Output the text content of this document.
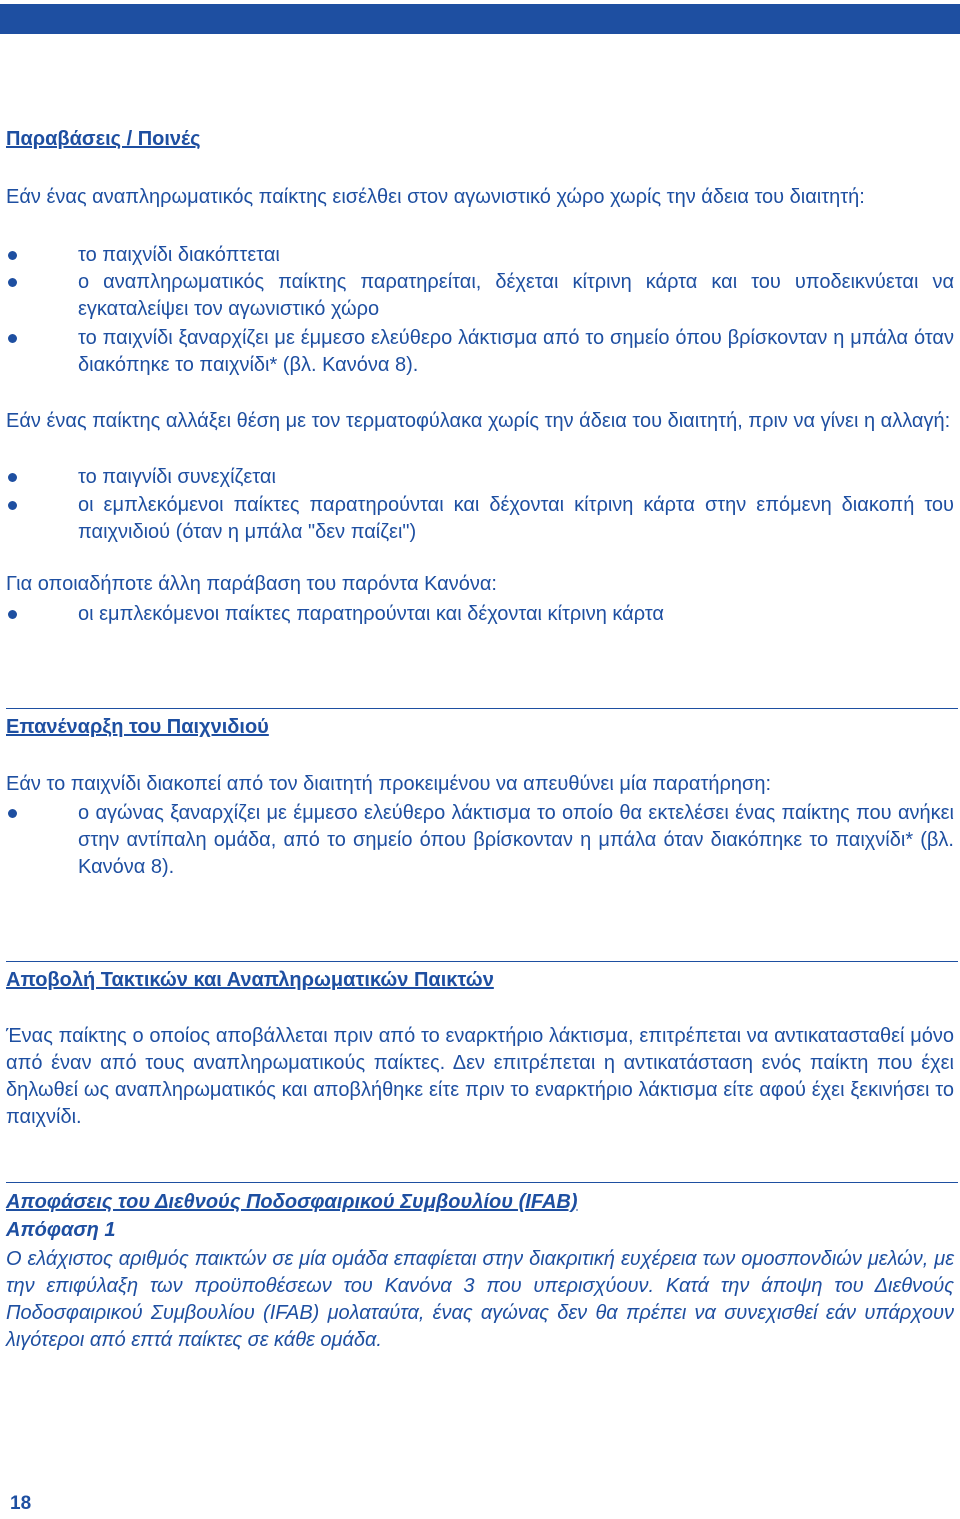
Παραβάσεις / Ποινές
Εάν ένας αναπληρωματικός παίκτης εισέλθει στον αγωνιστικό χώρο χωρίς την άδεια του διαιτητή:
το παιχνίδι διακόπτεται
ο αναπληρωματικός παίκτης παρατηρείται, δέχεται κίτρινη κάρτα και του υποδεικνύεται να εγκαταλείψει τον αγωνιστικό χώρο
το παιχνίδι ξαναρχίζει με έμμεσο ελεύθερο λάκτισμα από το σημείο όπου βρίσκονταν η μπάλα όταν διακόπηκε το παιχνίδι* (βλ. Κανόνα 8).
Εάν ένας παίκτης αλλάξει θέση με τον τερματοφύλακα χωρίς την άδεια του διαιτητή, πριν να γίνει η αλλαγή:
το παιγνίδι συνεχίζεται
οι εμπλεκόμενοι παίκτες παρατηρούνται και δέχονται κίτρινη κάρτα στην επόμενη διακοπή του παιχνιδιού (όταν η μπάλα "δεν παίζει")
Για οποιαδήποτε άλλη παράβαση του παρόντα Κανόνα:
οι εμπλεκόμενοι παίκτες παρατηρούνται και δέχονται κίτρινη κάρτα
Επανέναρξη του Παιχνιδιού
Εάν το παιχνίδι διακοπεί από τον διαιτητή προκειμένου να απευθύνει μία παρατήρηση:
ο αγώνας ξαναρχίζει με έμμεσο ελεύθερο λάκτισμα το οποίο θα εκτελέσει ένας παίκτης που ανήκει στην αντίπαλη ομάδα, από το σημείο όπου βρίσκονταν η μπάλα όταν διακόπηκε το παιχνίδι* (βλ. Κανόνα 8).
Αποβολή Τακτικών και Αναπληρωματικών Παικτών
Ένας παίκτης ο οποίος αποβάλλεται πριν από το εναρκτήριο λάκτισμα, επιτρέπεται να αντικατασταθεί μόνο από έναν από τους αναπληρωματικούς παίκτες. Δεν επιτρέπεται η αντικατάσταση ενός παίκτη που έχει δηλωθεί ως αναπληρωματικός και αποβλήθηκε είτε πριν το εναρκτήριο λάκτισμα είτε αφού έχει ξεκινήσει το παιχνίδι.
Αποφάσεις του Διεθνούς Ποδοσφαιρικού Συμβουλίου (IFAB)
Απόφαση 1
Ο ελάχιστος αριθμός παικτών σε μία ομάδα επαφίεται στην διακριτική ευχέρεια των ομοσπονδιών μελών, με την επιφύλαξη των προϋποθέσεων του Κανόνα 3 που υπερισχύουν. Κατά την άποψη του Διεθνούς Ποδοσφαιρικού Συμβουλίου (IFAB) μολαταύτα, ένας αγώνας δεν θα πρέπει να συνεχισθεί εάν υπάρχουν λιγότεροι από επτά παίκτες σε κάθε ομάδα.
18
